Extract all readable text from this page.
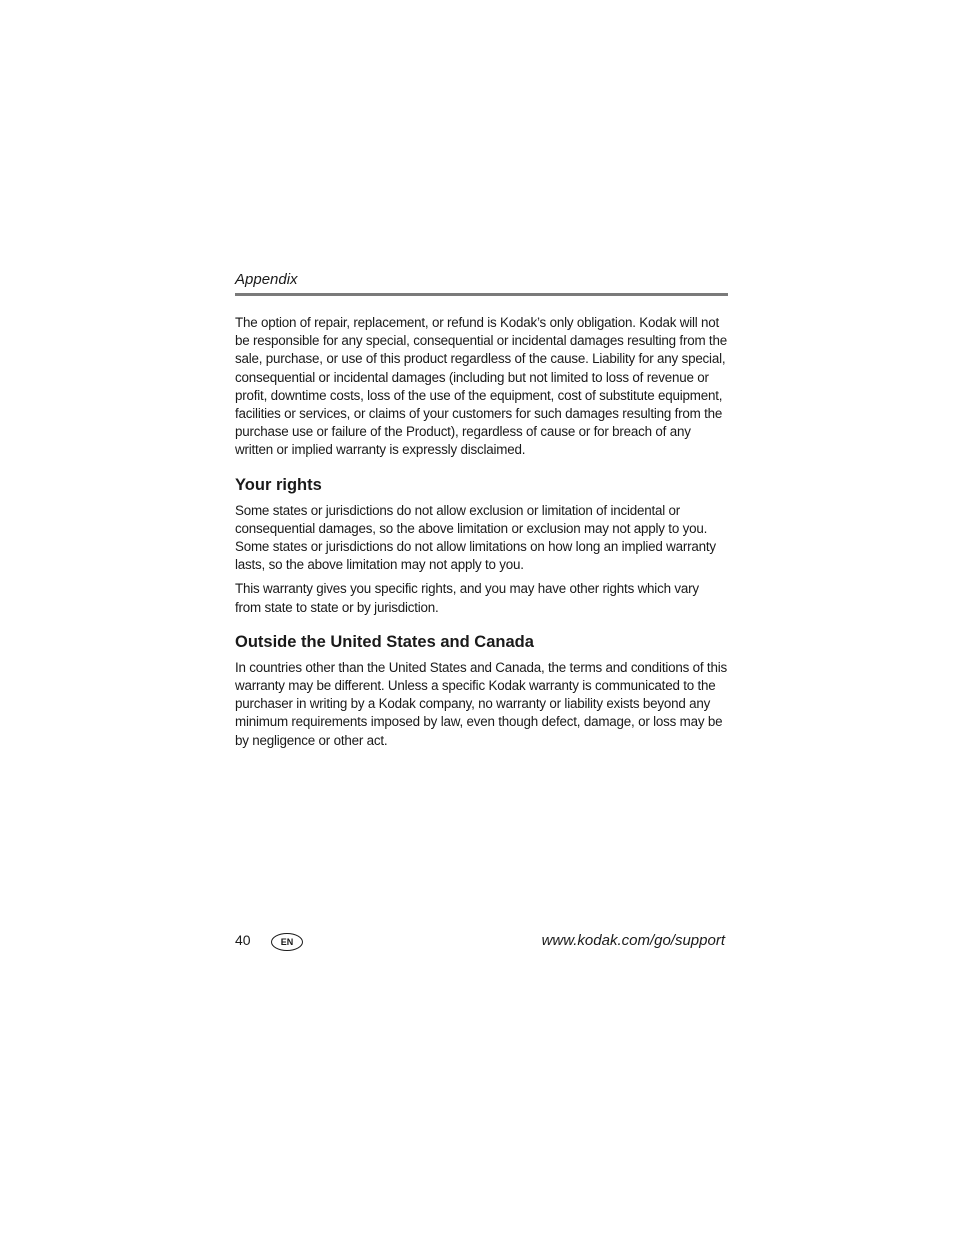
Appendix

The option of repair, replacement, or refund is Kodak’s only obligation. Kodak will not be responsible for any special, consequential or incidental damages resulting from the sale, purchase, or use of this product regardless of the cause. Liability for any special, consequential or incidental damages (including but not limited to loss of revenue or profit, downtime costs, loss of the use of the equipment, cost of substitute equipment, facilities or services, or claims of your customers for such damages resulting from the purchase use or failure of the Product), regardless of cause or for breach of any written or implied warranty is expressly disclaimed.

Your rights

Some states or jurisdictions do not allow exclusion or limitation of incidental or consequential damages, so the above limitation or exclusion may not apply to you. Some states or jurisdictions do not allow limitations on how long an implied warranty lasts, so the above limitation may not apply to you.

This warranty gives you specific rights, and you may have other rights which vary from state to state or by jurisdiction.

Outside the United States and Canada

In countries other than the United States and Canada, the terms and conditions of this warranty may be different. Unless a specific Kodak warranty is communicated to the purchaser in writing by a Kodak company, no warranty or liability exists beyond any minimum requirements imposed by law, even though defect, damage, or loss may be by negligence or other act.

40	EN	www.kodak.com/go/support
